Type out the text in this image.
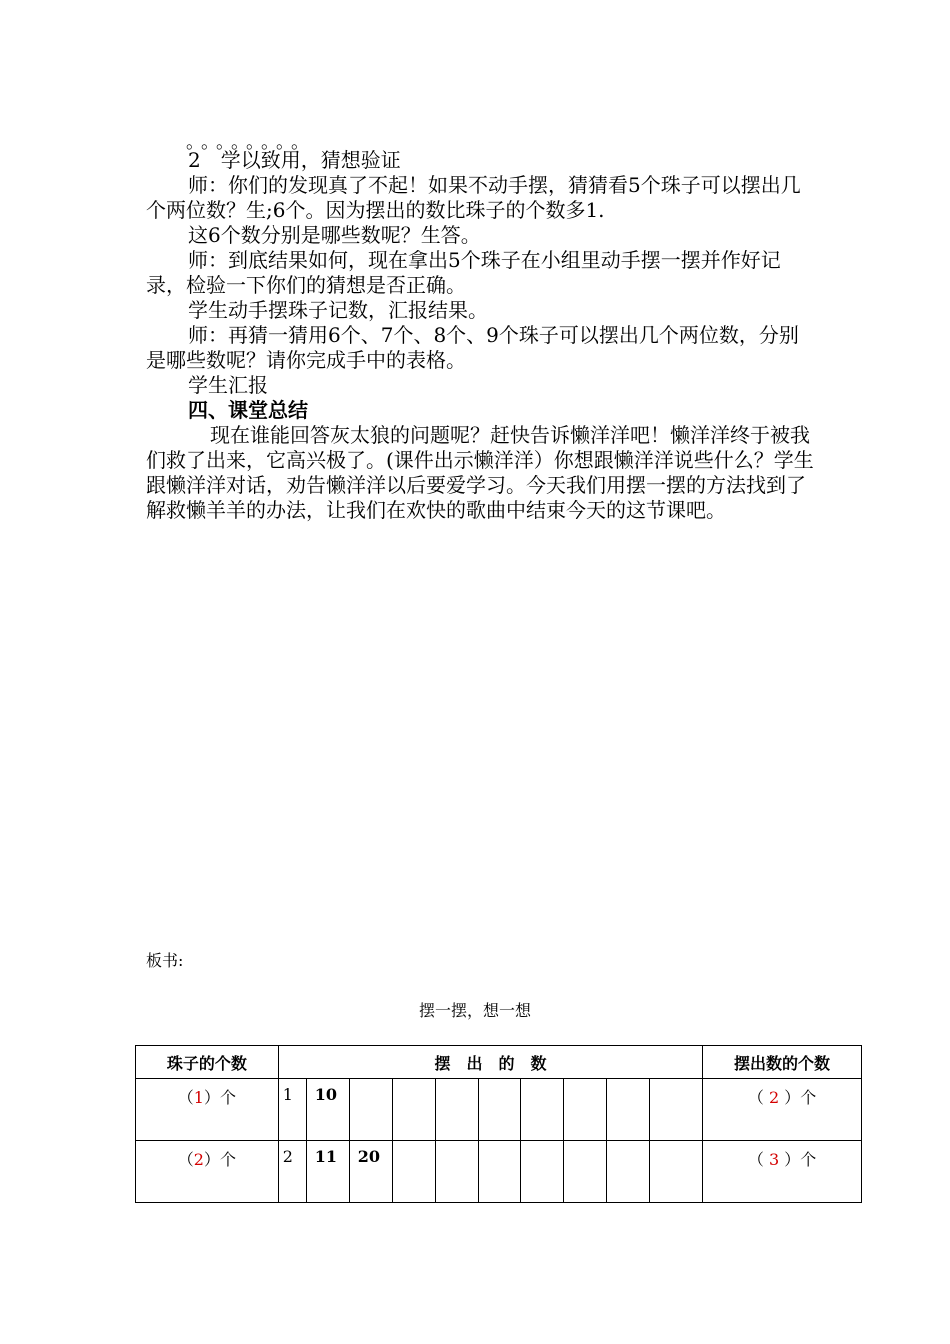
。。。。。。。。

2　学以致用，猜想验证

师：你们的发现真了不起！如果不动手摆，猜猜看5个珠子可以摆出几个两位数？生;6个。因为摆出的数比珠子的个数多1.

这6个数分别是哪些数呢？生答。

师：到底结果如何，现在拿出5个珠子在小组里动手摆一摆并作好记录，检验一下你们的猜想是否正确。

学生动手摆珠子记数，汇报结果。

师：再猜一猜用6个、7个、8个、9个珠子可以摆出几个两位数，分别是哪些数呢？请你完成手中的表格。

学生汇报

四、课堂总结

现在谁能回答灰太狼的问题呢？赶快告诉懒洋洋吧！懒洋洋终于被我们救了出来，它高兴极了。(课件出示懒洋洋）你想跟懒洋洋说些什么？学生跟懒洋洋对话，劝告懒洋洋以后要爱学习。今天我们用摆一摆的方法找到了解救懒羊羊的办法，让我们在欢快的歌曲中结束今天的这节课吧。

板书:
摆一摆，想一想
珠子的个数	摆　出　的　数										摆出数的个数
（1）个	1	10									（ 2 ）个
（2）个	2	11	20								（ 3 ）个
